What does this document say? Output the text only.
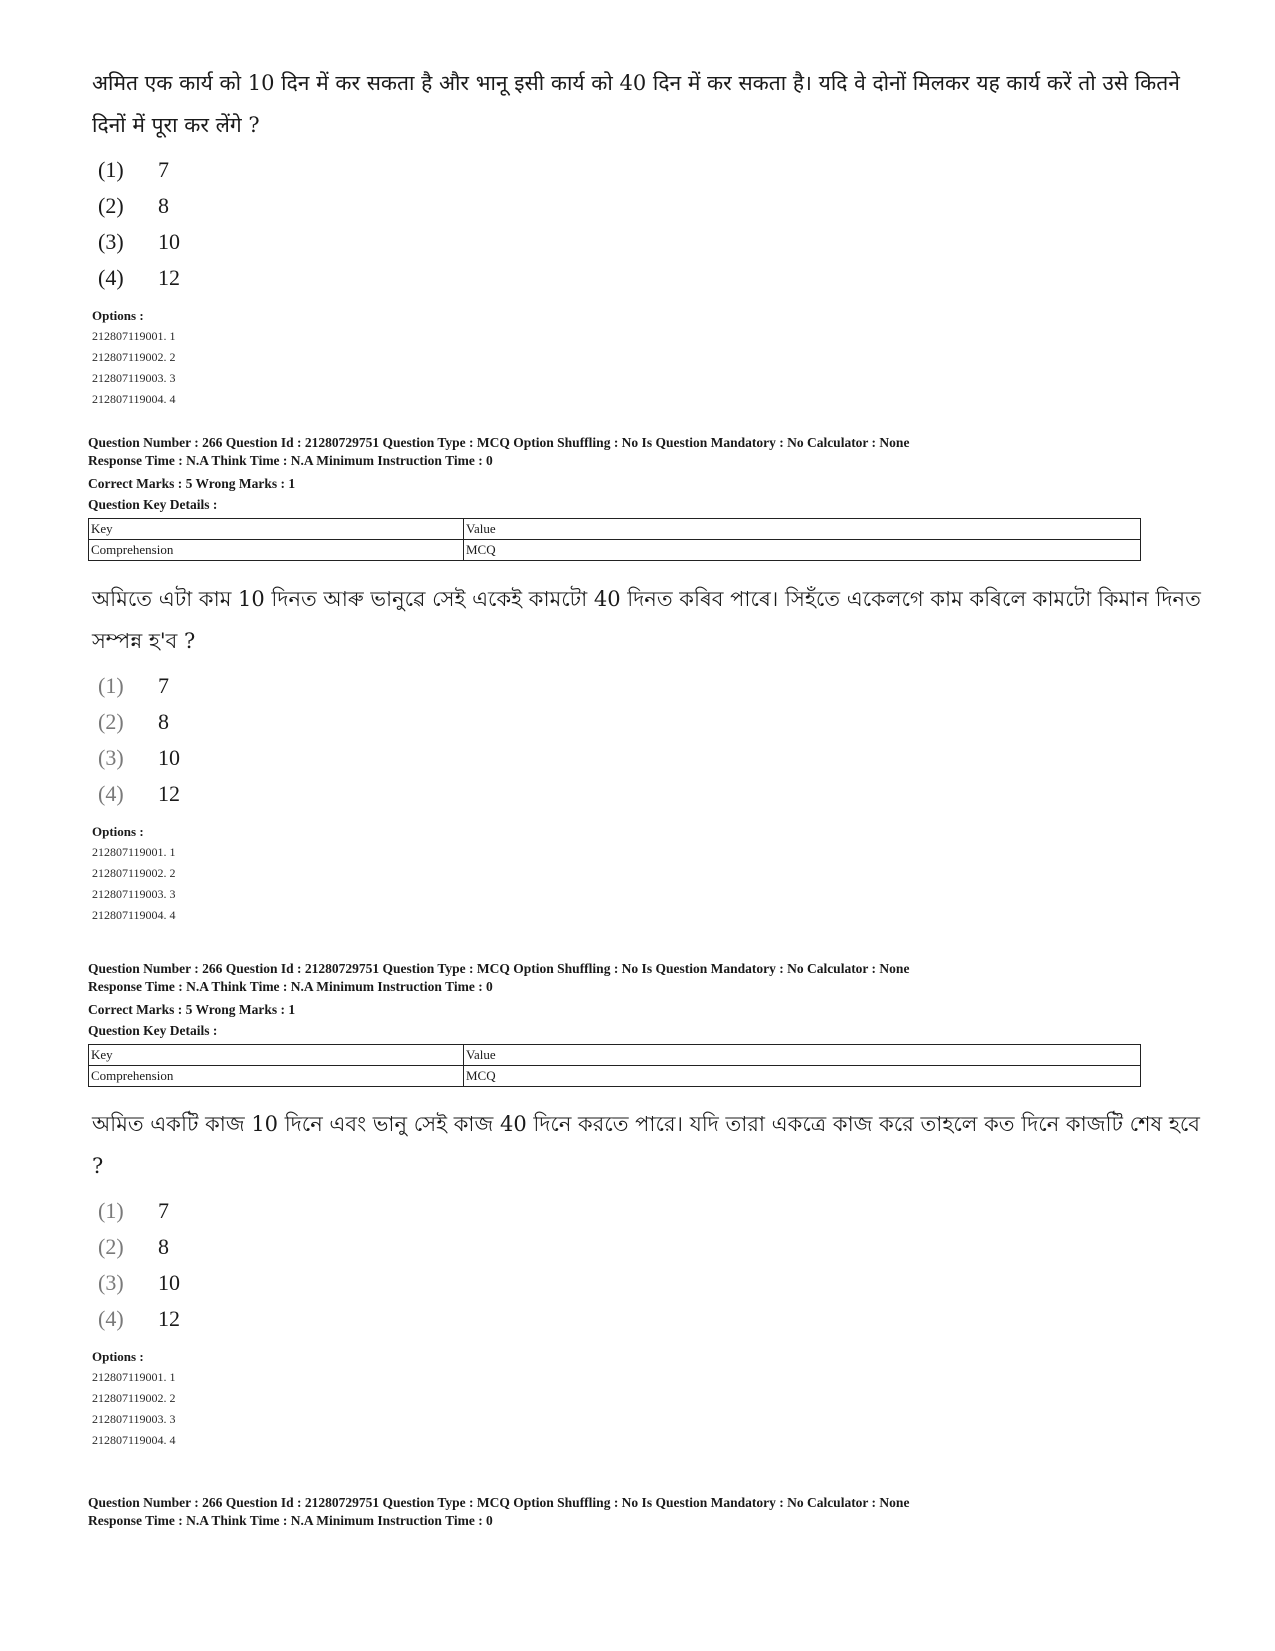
अमित एक कार्य को 10 दिन में कर सकता है और भानू इसी कार्य को 40 दिन में कर सकता है। यदि वे दोनों मिलकर यह कार्य करें तो उसे कितने दिनों में पूरा कर लेंगे ?

(1) 7
(2) 8
(3) 10
(4) 12
Options :
212807119001. 1
212807119002. 2
212807119003. 3
212807119004. 4
Question Number : 266 Question Id : 21280729751 Question Type : MCQ Option Shuffling : No Is Question Mandatory : No Calculator : None
Response Time : N.A Think Time : N.A Minimum Instruction Time : 0
Correct Marks : 5 Wrong Marks : 1
Question Key Details :
Key	Value
Comprehension	MCQ

অমিতে এটা কাম 10 দিনত আৰু ভানুৱে সেই একেই কামটো 40 দিনত কৰিব পাৰে। সিহঁতে একেলগে কাম কৰিলে কামটো কিমান দিনত সম্পন্ন হ'ব ?

(1) 7
(2) 8
(3) 10
(4) 12
Options :
212807119001. 1
212807119002. 2
212807119003. 3
212807119004. 4
Question Number : 266 Question Id : 21280729751 Question Type : MCQ Option Shuffling : No Is Question Mandatory : No Calculator : None
Response Time : N.A Think Time : N.A Minimum Instruction Time : 0
Correct Marks : 5 Wrong Marks : 1
Question Key Details :
Key	Value
Comprehension	MCQ

অমিত একটি কাজ 10 দিনে এবং ভানু সেই কাজ 40 দিনে করতে পারে। যদি তারা একত্রে কাজ করে তাহলে কত দিনে কাজটি শেষ হবে ?

(1) 7
(2) 8
(3) 10
(4) 12
Options :
212807119001. 1
212807119002. 2
212807119003. 3
212807119004. 4
Question Number : 266 Question Id : 21280729751 Question Type : MCQ Option Shuffling : No Is Question Mandatory : No Calculator : None
Response Time : N.A Think Time : N.A Minimum Instruction Time : 0
